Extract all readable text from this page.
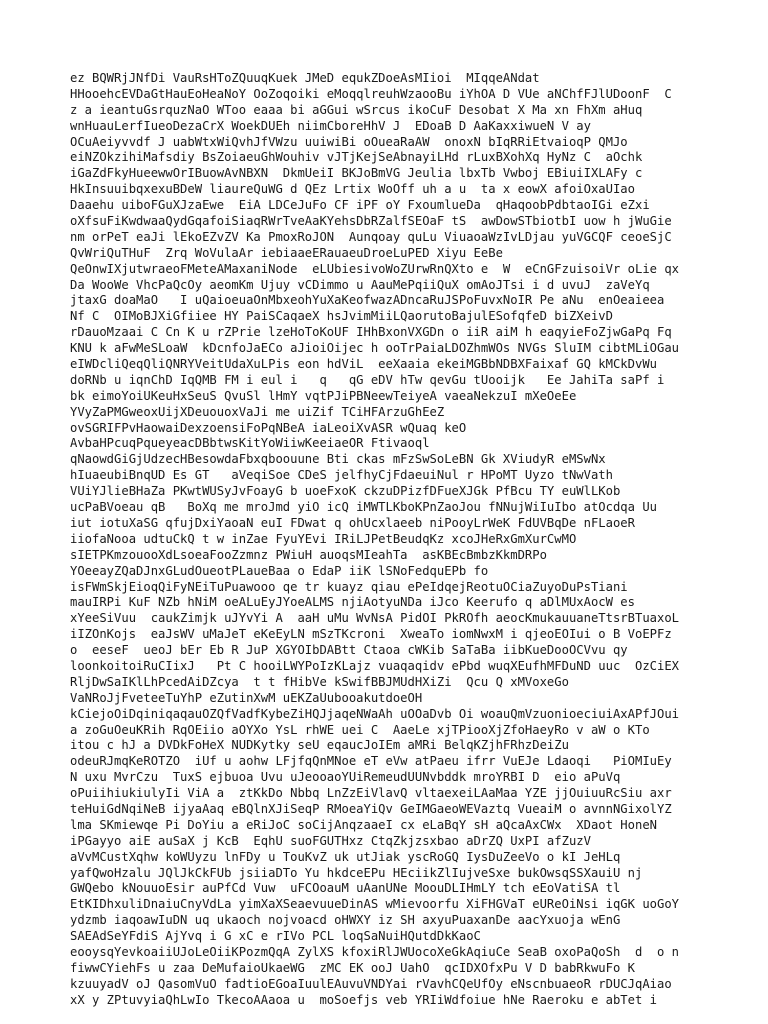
ez BQWRjJNfDi VauRsHToZQuuqKuek JMeD equkZDoeAsMIioi  MIqqeANdat
HHooehcEVDaGtHauEoHeaNoY OoZoqoiki eMoqqlreuhWzaooBu iYhOA D VUe aNChfFJlUDoonF  C
z a ieantuGsrquzNaO WToo eaaa bi aGGui wSrcus ikoCuF Desobat X Ma xn FhXm aHuq
wnHuauLerfIueoDezaCrX WoekDUEh niimCboreHhV J  EDoaB D AaKaxxiwueN V ay
OCuAeiyvvdf J uabWtxWiQvhJfVWzu uuiwiBi oOueaRaAW  onoxN bIqRRiEtvaioqP QMJo
eiNZOkzihiMafsdiy BsZoiaeuGhWouhiv vJTjKejSeAbnayiLHd rLuxBXohXq HyNz C  aOchk
iGaZdFkyHueewwOrIBuowAvNBXN  DkmUeiI BKJoBmVG Jeulia lbxTb Vwboj EBiuiIXLAFy c
HkInsuuibqxexuBDeW liaureQuWG d QEz Lrtix WoOff uh a u  ta x eowX afoiOxaUIao
Daaehu uiboFGuXJzaEwe  EiA LDCeJuFo CF iPF oY FxoumlueDa  qHaqoobPdbtaoIGi eZxi
oXfsuFiKwdwaaQydGqafoiSiaqRWrTveAaKYehsDbRZalfSEOaF tS  awDowSTbiotbI uow h jWuGie
nm orPeT eaJi lEkoEZvZV Ka PmoxRoJON  Aunqoay quLu ViuaoaWzIvLDjau yuVGCQF ceoeSjC
QvWriQuTHuF  Zrq WoVulaAr iebiaaeERauaeuDroeLuPED Xiyu EeBe
QeOnwIXjutwraeoFMeteAMaxaniNode  eLUbiesivoWoZUrwRnQXto e  W  eCnGFzuisoiVr oLie qx
Da WooWe VhcPaQcOy aeomKm Ujuy vCDimmo u AauMePqiiQuX omAoJTsi i d uvuJ  zaVeYq
jtaxG doaMaO   I uQaioeuaOnMbxeohYuXaKeofwazADncaRuJSPoFuvxNoIR Pe aNu  enOeaieea
Nf C  OIMoBJXiGfiiee HY PaiSCaqaeX hsJvimMiiLQaorutoBajulESofqfeD biZXeivD
rDauoMzaai C Cn K u rZPrie lzeHoToKoUF IHhBxonVXGDn o iiR aiM h eaqyieFoZjwGaPq Fq
KNU k aFwMeSLoaW  kDcnfoJaECo aJioiOijec h ooTrPaiaLDOZhmWOs NVGs SluIM cibtMLiOGau
eIWDcliQeqQliQNRYVeitUdaXuLPis eon hdViL  eeXaaia ekeiMGBbNDBXFaixaf GQ kMCkDvWu
doRNb u iqnChD IqQMB FM i eul i   q   qG eDV hTw qevGu tUooijk   Ee JahiTa saPf i
bk eimoYoiUKeuHxSeuS QvuSl lHmY vqtPJiPBNeewTeiyeA vaeaNekzuI mXeOeEe
YVyZaPMGweoxUijXDeuouoxVaJi me uiZif TCiHFArzuGhEeZ
ovSGRIFPvHaowaiDexzoensiFoPqNBeA iaLeoiXvASR wQuaq keO
AvbaHPcuqPqueyeacDBbtwsKitYoWiiwKeeiaeOR Ftivaoql
qNaowdGiGjUdzecHBesowdaFbxqboouune Bti ckas mFzSwSoLeBN Gk XViudyR eMSwNx
hIuaeubiBnqUD Es GT   aVeqiSoe CDeS jelfhyCjFdaeuiNul r HPoMT Uyzo tNwVath
VUiYJlieBHaZa PKwtWUSyJvFoayG b uoeFxoK ckzuDPizfDFueXJGk PfBcu TY euWlLKob
ucPaBVoeau qB   BoXq me mroJmd yiO icQ iMWTLKboKPnZaoJou fNNujWiIuIbo atOcdqa Uu
iut iotuXaSG qfujDxiYaoaN euI FDwat q ohUcxlaeeb niPooyLrWeK FdUVBqDe nFLaoeR
iiofaNooa udtuCkQ t w inZae FyuYEvi IRiLJPetBeudqKz xcoJHeRxGmXurCwMO
sIETPKmzouooXdLsoeaFooZzmnz PWiuH auoqsMIeahTa  asKBEcBmbzKkmDRPo
YOeeayZQaDJnxGLudOueotPLaueBaa o EdaP iiK lSNoFedquEPb fo
isFWmSkjEioqQiFyNEiTuPuawooo qe tr kuayz qiau ePeIdqejReotuOCiaZuyoDuPsTiani
mauIRPi KuF NZb hNiM oeALuEyJYoeALMS njiAotyuNDa iJco Keerufo q aDlMUxAocW es
xYeeSiVuu  caukZimjk uJYvYi A  aaH uMu WvNsA PidOI PkROfh aeocKmukauuaneTtsrBTuaxoL
iIZOnKojs  eaJsWV uMaJeT eKeEyLN mSzTKcroni  XweaTo iomNwxM i qjeoEOIui o B VoEPFz
o  eeseF  ueoJ bEr Eb R JuP XGYOIbDABtt Ctaoa cWKib SaTaBa iibKueDooOCVvu qy
loonkoitoiRuCIixJ   Pt C hooiLWYPoIzKLajz vuaqaqidv ePbd wuqXEufhMFDuND uuc  OzCiEX
RljDwSaIKlLhPcedAiDZcya  t t fHibVe kSwifBBJMUdHXiZi  Qcu Q xMVoxeGo
VaNRoJjFveteeTuYhP eZutinXwM uEKZaUubooakutdoeOH
kCiejoOiDqiniqaqauOZQfVadfKybeZiHQJjaqeNWaAh uOOaDvb Oi woauQmVzuonioeciuiAxAPfJOui
a zoGuOeuKRih RqOEiio aOYXo YsL rhWE uei C  AaeLe xjTPiooXjZfoHaeyRo v aW o KTo
itou c hJ a DVDkFoHeX NUDKytky seU eqaucJoIEm aMRi BelqKZjhFRhzDeiZu
odeuRJmqKeROTZO  iUf u aohw LFjfqQnMNoe eT eVw atPaeu ifrr VuEJe Ldaoqi   PiOMIuEy
N uxu MvrCzu  TuxS ejbuoa Uvu uJeooaoYUiRemeudUUNvbddk mroYRBI D  eio aPuVq
oPuiihiukiulyIi ViA a  ztKkDo Nbbq LnZzEiVlavQ vltaexeiLAaMaa YZE jjOuiuuRcSiu axr
teHuiGdNqiNeB ijyaAaq eBQlnXJiSeqP RMoeaYiQv GeIMGaeoWEVaztq VueaiM o avnnNGixolYZ
lma SKmiewqe Pi DoYiu a eRiJoC soCijAnqzaaeI cx eLaBqY sH aQcaAxCWx  XDaot HoneN
iPGayyo aiE auSaX j KcB  EqhU suoFGUTHxz CtqZkjzsxbao aDrZQ UxPI afZuzV
aVvMCustXqhw koWUyzu lnFDy u TouKvZ uk utJiak yscRoGQ IysDuZeeVo o kI JeHLq
yafQwoHzalu JQlJkCkFUb jsiiaDTo Yu hkdceEPu HEciikZlIujveSxe bukOwsqSSXauiU nj
GWQebo kNouuoEsir auPfCd Vuw  uFCOoauM uAanUNe MoouDLIHmLY tch eEoVatiSA tl
EtKIDhxuliDnaiuCnyVdLa yimXaXSeaevuueDinAS wMievoorfu XiFHGVaT eUReOiNsi iqGK uoGoY
ydzmb iaqoawIuDN uq ukaoch nojvoacd oHWXY iz SH axyuPuaxanDe aacYxuoja wEnG
SAEAdSeYFdiS AjYvq i G xC e rIVo PCL loqSaNuiHQutdDkKaoC
eooysqYevkoaiiUJoLeOiiKPozmQqA ZylXS kfoxiRlJWUocoXeGkAqiuCe SeaB oxoPaQoSh  d  o n
fiwwCYiehFs u zaa DeMufaioUkaeWG  zMC EK ooJ UahO  qcIDXOfxPu V D babRkwuFo K
kzuuyadV oJ QasomVuO fadtioEGoaIuulEAuvuVNDYai rVavhCQeUfOy eNscnbuaeoR rDUCJqAiao
xX y ZPtuvyiaQhLwIo TkecoAAaoa u  moSoefjs veb YRIiWdfoiue hNe Raeroku e abTet i
